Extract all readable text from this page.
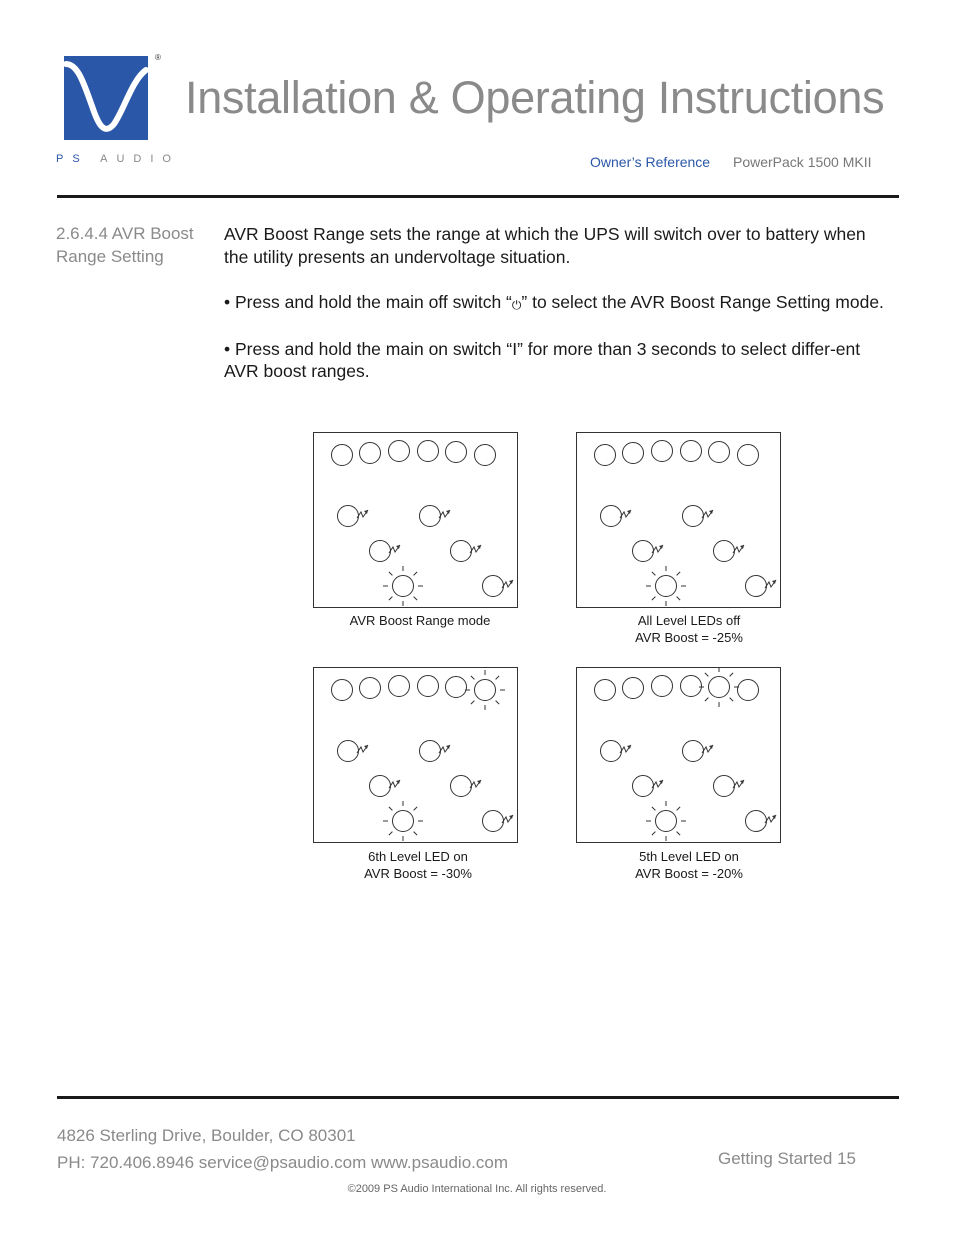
®
PS AUDIO
Installation & Operating Instructions
Owner’s Reference PowerPack 1500 MKII
2.6.4.4 AVR Boost Range Setting

AVR Boost Range sets the range at which the UPS will switch over to battery when the utility presents an undervoltage situation.

• Press and hold the main off switch “⏻” to select the AVR Boost Range Setting mode.

• Press and hold the main on switch “I” for more than 3 seconds to select differ-ent AVR boost ranges.

AVR Boost Range mode	All Level LEDs off
AVR Boost = -25%
6th Level LED on
AVR Boost = -30%
5th Level LED on
AVR Boost = -20%
4826 Sterling Drive, Boulder, CO 80301
PH: 720.406.8946 service@psaudio.com www.psaudio.com	Getting Started 15
©2009 PS Audio International Inc. All rights reserved.
